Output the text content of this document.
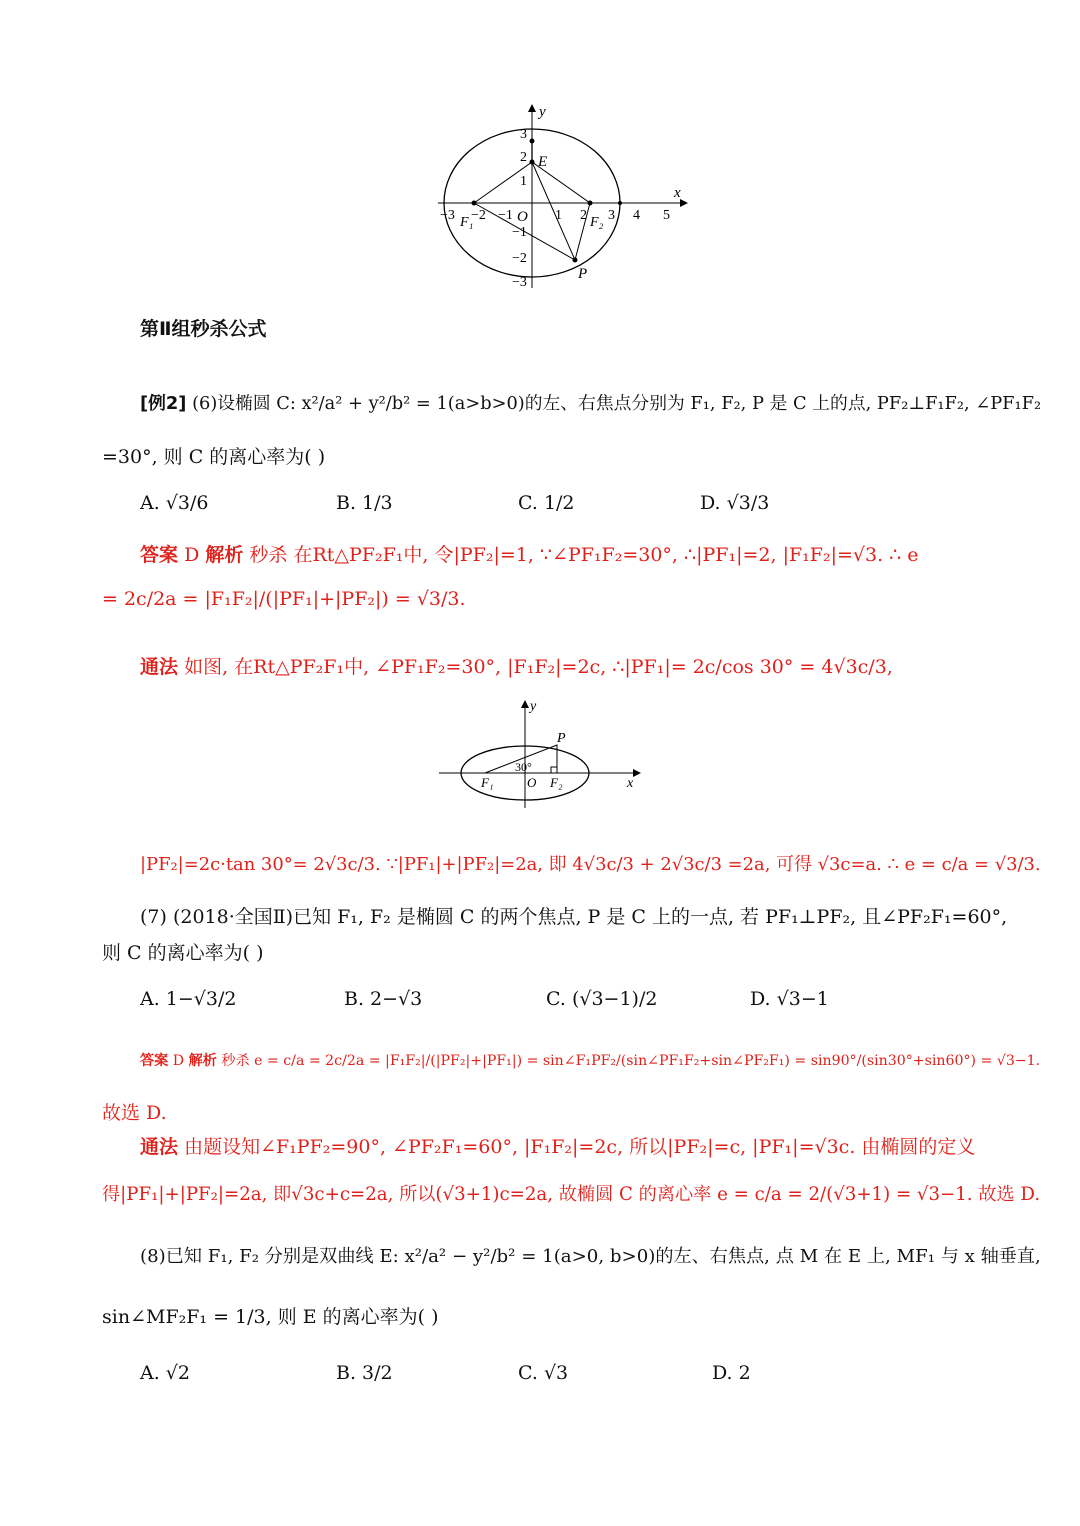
y
x
E
O
F₁	F₂
P
−3 −2 −1	1 2 3 4 5
3
2
1
−1
−2
−3
第Ⅱ组秒杀公式
[例2] (6)设椭圆 C: x²/a² + y²/b² = 1(a>b>0)的左、右焦点分别为 F₁, F₂, P 是 C 上的点, PF₂⊥F₁F₂, ∠PF₁F₂
=30°, 则 C 的离心率为( )
A. √3/6	B. 1/3	C. 1/2	D. √3/3
答案 D 解析 秒杀 在Rt△PF₂F₁中, 令|PF₂|=1, ∵∠PF₁F₂=30°, ∴|PF₁|=2, |F₁F₂|=√3. ∴ e
= 2c/2a = |F₁F₂|/(|PF₁|+|PF₂|) = √3/3.
通法 如图, 在Rt△PF₂F₁中, ∠PF₁F₂=30°, |F₁F₂|=2c, ∴|PF₁|= 2c/cos 30° = 4√3c/3,
y
x
P
30°
F₁	O F₂
|PF₂|=2c·tan 30°= 2√3c/3. ∵|PF₁|+|PF₂|=2a, 即 4√3c/3 + 2√3c/3 =2a, 可得 √3c=a. ∴ e = c/a = √3/3.
(7) (2018·全国Ⅱ)已知 F₁, F₂ 是椭圆 C 的两个焦点, P 是 C 上的一点, 若 PF₁⊥PF₂, 且∠PF₂F₁=60°,
则 C 的离心率为( )
A. 1−√3/2	B. 2−√3	C. (√3−1)/2	D. √3−1
答案 D 解析 秒杀 e = c/a = 2c/2a = |F₁F₂|/(|PF₂|+|PF₁|) = sin∠F₁PF₂/(sin∠PF₁F₂+sin∠PF₂F₁) = sin90°/(sin30°+sin60°) = √3−1.
故选 D.
通法 由题设知∠F₁PF₂=90°, ∠PF₂F₁=60°, |F₁F₂|=2c, 所以|PF₂|=c, |PF₁|=√3c. 由椭圆的定义
得|PF₁|+|PF₂|=2a, 即√3c+c=2a, 所以(√3+1)c=2a, 故椭圆 C 的离心率 e = c/a = 2/(√3+1) = √3−1. 故选 D.
(8)已知 F₁, F₂ 分别是双曲线 E: x²/a² − y²/b² = 1(a>0, b>0)的左、右焦点, 点 M 在 E 上, MF₁ 与 x 轴垂直,
sin∠MF₂F₁ = 1/3, 则 E 的离心率为( )
A. √2	B. 3/2	C. √3	D. 2
